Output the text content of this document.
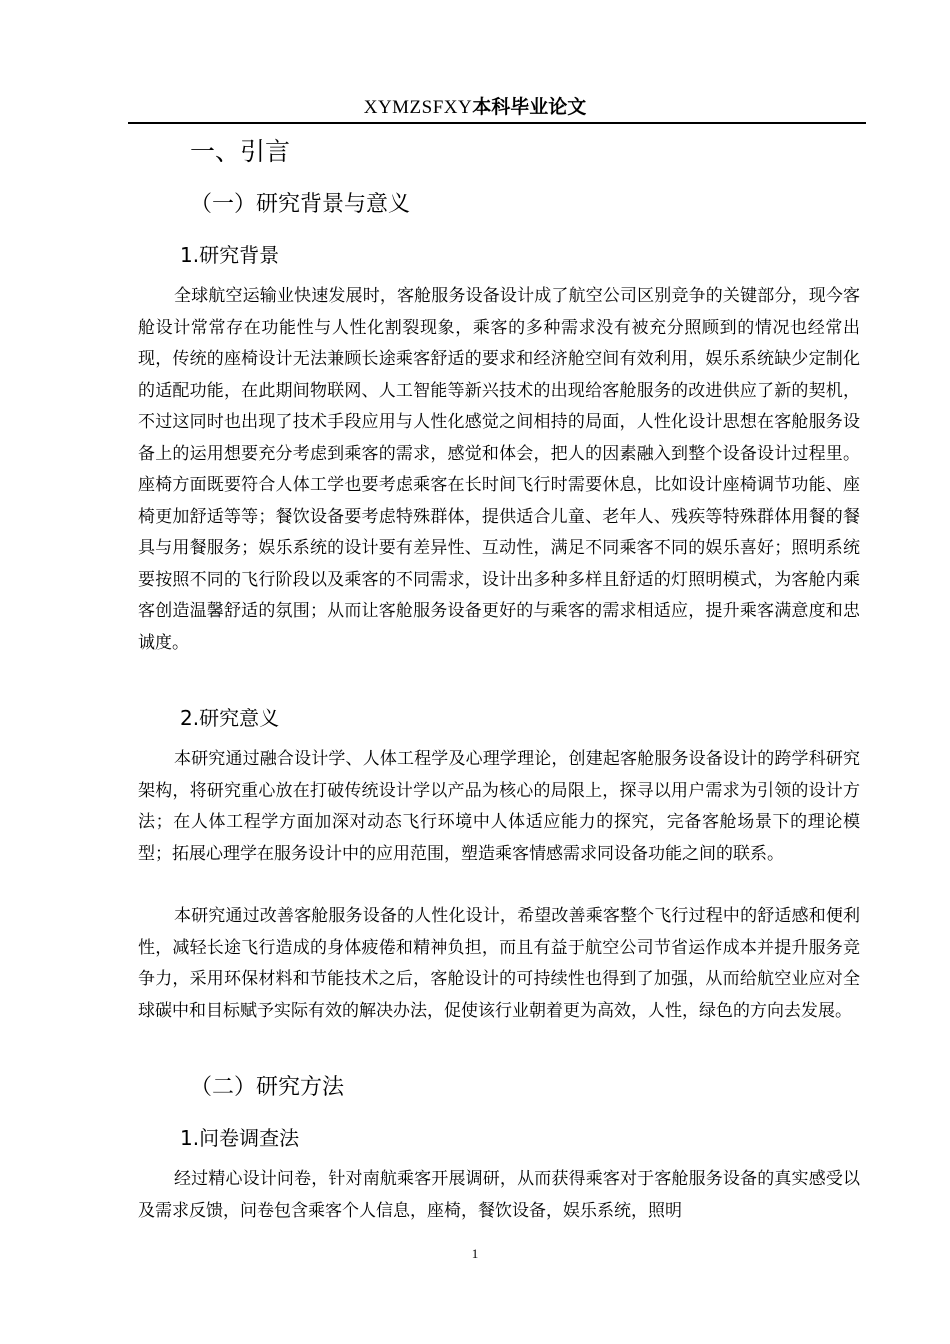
XYMZSFXY本科毕业论文
一、引言
（一）研究背景与意义
1.研究背景

全球航空运输业快速发展时，客舱服务设备设计成了航空公司区别竞争的关键部分，现今客舱设计常常存在功能性与人性化割裂现象，乘客的多种需求没有被充分照顾到的情况也经常出现，传统的座椅设计无法兼顾长途乘客舒适的要求和经济舱空间有效利用，娱乐系统缺少定制化的适配功能，在此期间物联网、人工智能等新兴技术的出现给客舱服务的改进供应了新的契机，不过这同时也出现了技术手段应用与人性化感觉之间相持的局面，人性化设计思想在客舱服务设备上的运用想要充分考虑到乘客的需求，感觉和体会，把人的因素融入到整个设备设计过程里。 座椅方面既要符合人体工学也要考虑乘客在长时间飞行时需要休息，比如设计座椅调节功能、座椅更加舒适等等；餐饮设备要考虑特殊群体，提供适合儿童、老年人、残疾等特殊群体用餐的餐具与用餐服务；娱乐系统的设计要有差异性、互动性，满足不同乘客不同的娱乐喜好；照明系统要按照不同的飞行阶段以及乘客的不同需求，设计出多种多样且舒适的灯照明模式，为客舱内乘客创造温馨舒适的氛围；从而让客舱服务设备更好的与乘客的需求相适应，提升乘客满意度和忠诚度。

2.研究意义

本研究通过融合设计学、人体工程学及心理学理论，创建起客舱服务设备设计的跨学科研究架构，将研究重心放在打破传统设计学以产品为核心的局限上，探寻以用户需求为引领的设计方法；在人体工程学方面加深对动态飞行环境中人体适应能力的探究，完备客舱场景下的理论模型；拓展心理学在服务设计中的应用范围，塑造乘客情感需求同设备功能之间的联系。

本研究通过改善客舱服务设备的人性化设计，希望改善乘客整个飞行过程中的舒适感和便利性，减轻长途飞行造成的身体疲倦和精神负担，而且有益于航空公司节省运作成本并提升服务竞争力，采用环保材料和节能技术之后，客舱设计的可持续性也得到了加强，从而给航空业应对全球碳中和目标赋予实际有效的解决办法，促使该行业朝着更为高效，人性，绿色的方向去发展。

（二）研究方法
1.问卷调查法

经过精心设计问卷，针对南航乘客开展调研，从而获得乘客对于客舱服务设备的真实感受以及需求反馈，问卷包含乘客个人信息，座椅，餐饮设备，娱乐系统，照明

1
